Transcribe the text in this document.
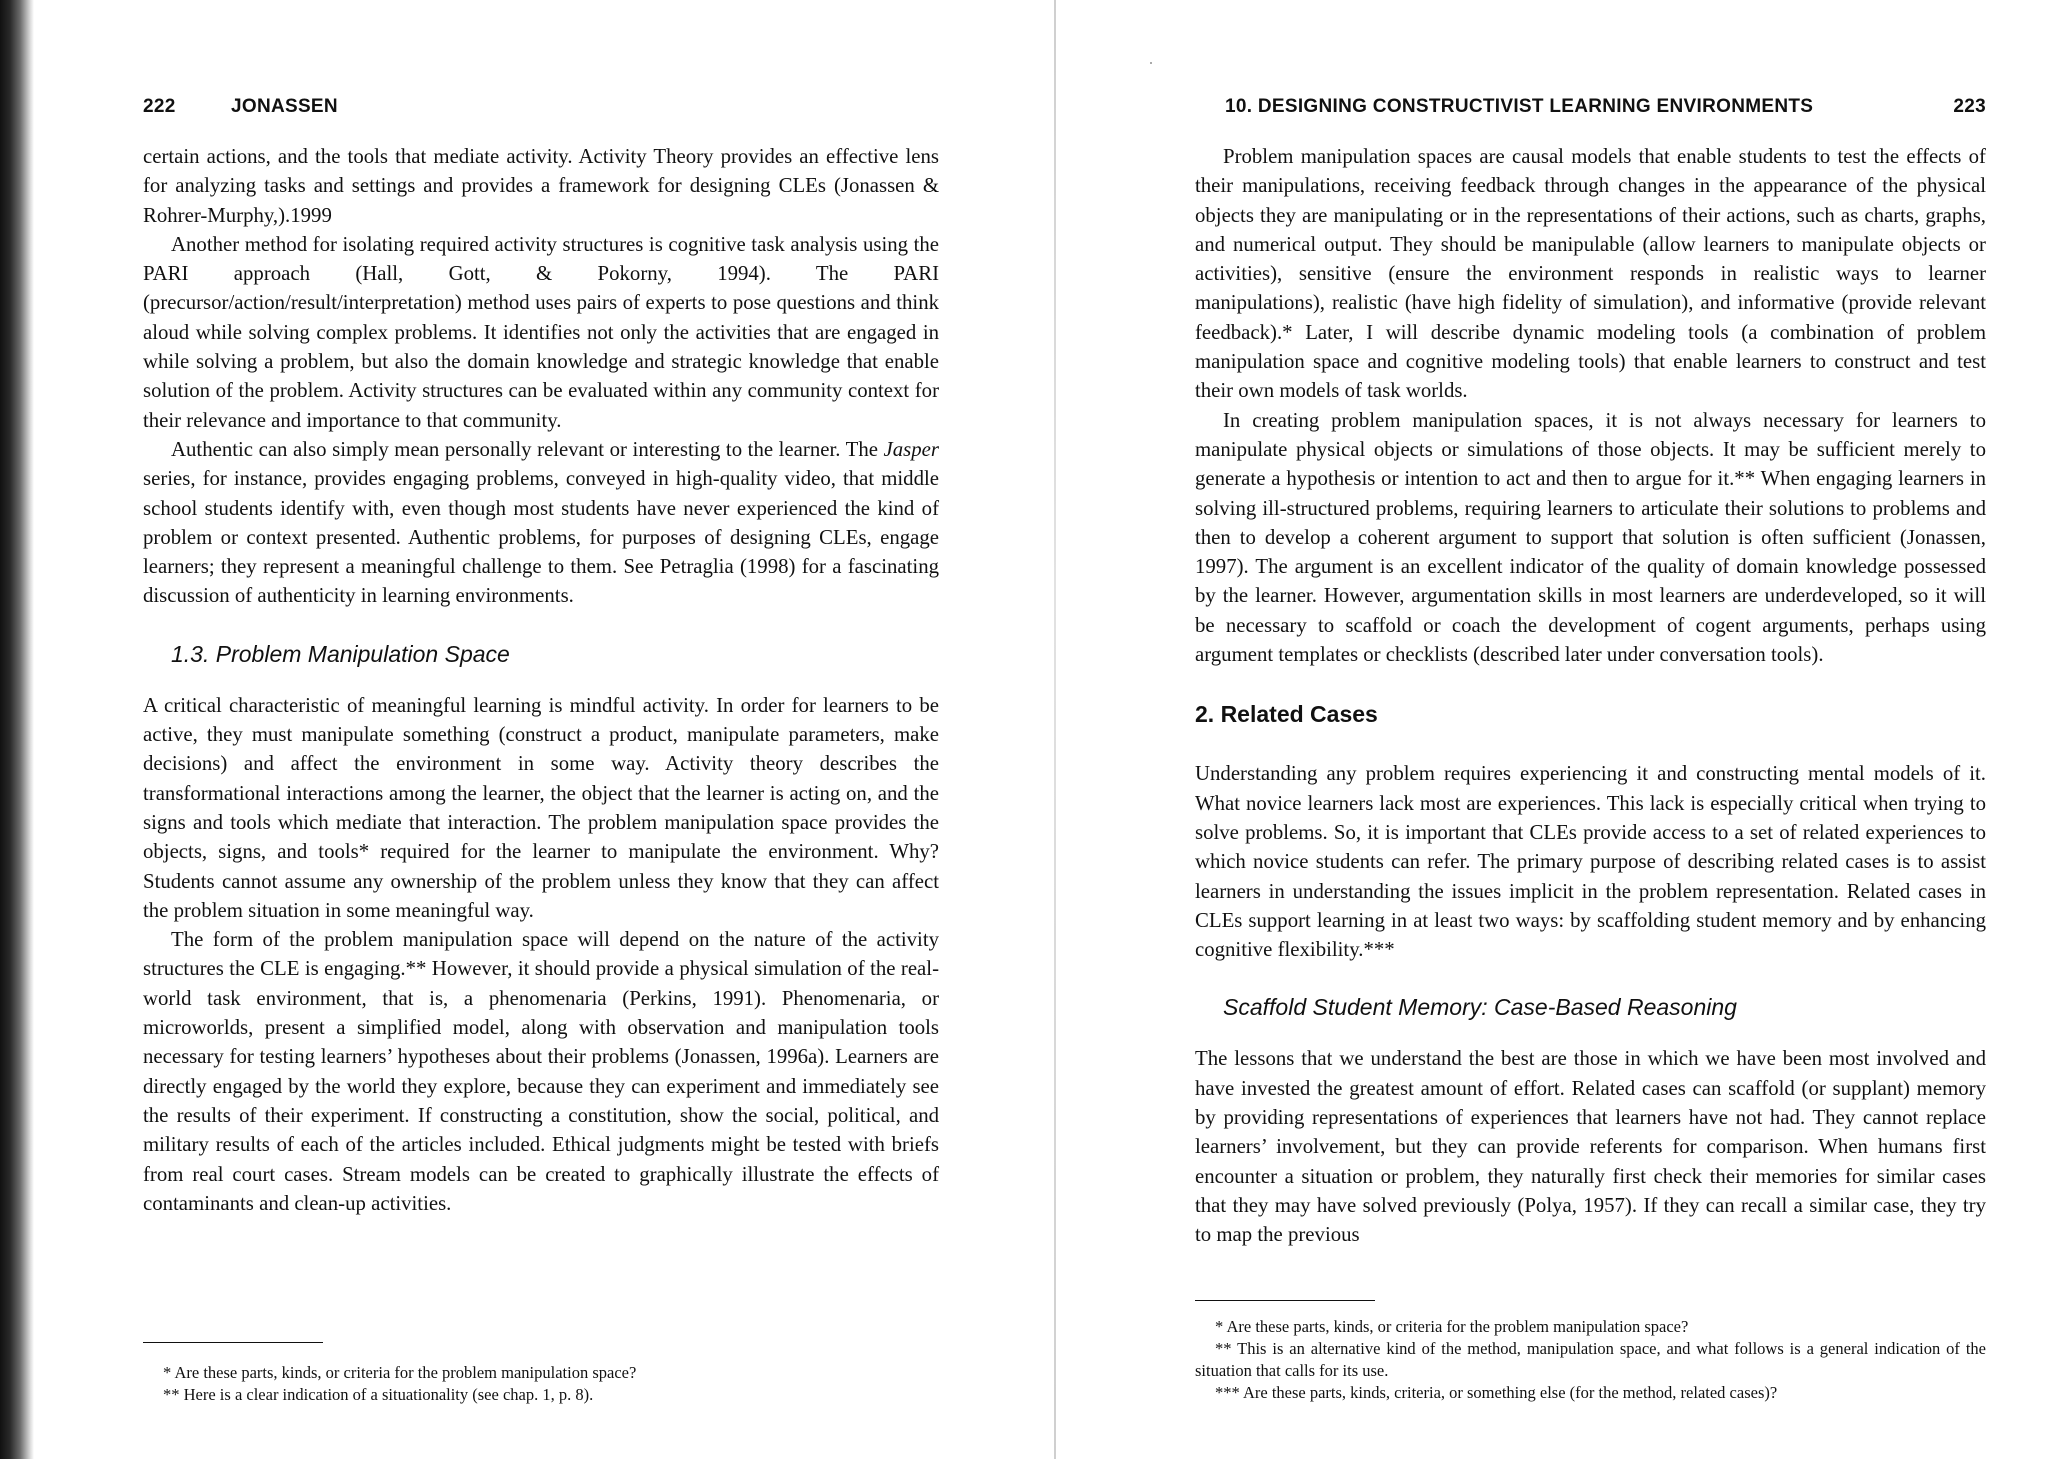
222	JONASSEN

certain actions, and the tools that mediate activity. Activity Theory provides an effective lens for analyzing tasks and settings and provides a framework for designing CLEs (Jonassen & Rohrer-Murphy,).1999

Another method for isolating required activity structures is cognitive task analysis using the PARI approach (Hall, Gott, & Pokorny, 1994). The PARI (precursor/action/result/interpretation) method uses pairs of experts to pose questions and think aloud while solving complex problems. It identifies not only the activities that are engaged in while solving a problem, but also the domain knowledge and strategic knowledge that enable solution of the problem. Activity structures can be evaluated within any community context for their relevance and importance to that community.

Authentic can also simply mean personally relevant or interesting to the learner. The Jasper series, for instance, provides engaging problems, conveyed in high-quality video, that middle school students identify with, even though most students have never experienced the kind of problem or context presented. Authentic problems, for purposes of designing CLEs, engage learners; they represent a meaningful challenge to them. See Petraglia (1998) for a fascinating discussion of authenticity in learning environments.

1.3. Problem Manipulation Space

A critical characteristic of meaningful learning is mindful activity. In order for learners to be active, they must manipulate something (construct a product, manipulate parameters, make decisions) and affect the environment in some way. Activity theory describes the transformational interactions among the learner, the object that the learner is acting on, and the signs and tools which mediate that interaction. The problem manipulation space provides the objects, signs, and tools* required for the learner to manipulate the environment. Why? Students cannot assume any ownership of the problem unless they know that they can affect the problem situation in some meaningful way.

The form of the problem manipulation space will depend on the nature of the activity structures the CLE is engaging.** However, it should provide a physical simulation of the real-world task environment, that is, a phenomenaria (Perkins, 1991). Phenomenaria, or microworlds, present a simplified model, along with observation and manipulation tools necessary for testing learners’ hypotheses about their problems (Jonassen, 1996a). Learners are directly engaged by the world they explore, because they can experiment and immediately see the results of their experiment. If constructing a constitution, show the social, political, and military results of each of the articles included. Ethical judgments might be tested with briefs from real court cases. Stream models can be created to graphically illustrate the effects of contaminants and clean-up activities.

* Are these parts, kinds, or criteria for the problem manipulation space?

** Here is a clear indication of a situationality (see chap. 1, p. 8).

10. DESIGNING CONSTRUCTIVIST LEARNING ENVIRONMENTS	223

Problem manipulation spaces are causal models that enable students to test the effects of their manipulations, receiving feedback through changes in the appearance of the physical objects they are manipulating or in the representations of their actions, such as charts, graphs, and numerical output. They should be manipulable (allow learners to manipulate objects or activities), sensitive (ensure the environment responds in realistic ways to learner manipulations), realistic (have high fidelity of simulation), and informative (provide relevant feedback).* Later, I will describe dynamic modeling tools (a combination of problem manipulation space and cognitive modeling tools) that enable learners to construct and test their own models of task worlds.

In creating problem manipulation spaces, it is not always necessary for learners to manipulate physical objects or simulations of those objects. It may be sufficient merely to generate a hypothesis or intention to act and then to argue for it.** When engaging learners in solving ill-structured problems, requiring learners to articulate their solutions to problems and then to develop a coherent argument to support that solution is often sufficient (Jonassen, 1997). The argument is an excellent indicator of the quality of domain knowledge possessed by the learner. However, argumentation skills in most learners are underdeveloped, so it will be necessary to scaffold or coach the development of cogent arguments, perhaps using argument templates or checklists (described later under conversation tools).

2. Related Cases

Understanding any problem requires experiencing it and constructing mental models of it. What novice learners lack most are experiences. This lack is especially critical when trying to solve problems. So, it is important that CLEs provide access to a set of related experiences to which novice students can refer. The primary purpose of describing related cases is to assist learners in understanding the issues implicit in the problem representation. Related cases in CLEs support learning in at least two ways: by scaffolding student memory and by enhancing cognitive flexibility.***

Scaffold Student Memory: Case-Based Reasoning

The lessons that we understand the best are those in which we have been most involved and have invested the greatest amount of effort. Related cases can scaffold (or supplant) memory by providing representations of experiences that learners have not had. They cannot replace learners’ involvement, but they can provide referents for comparison. When humans first encounter a situation or problem, they naturally first check their memories for similar cases that they may have solved previously (Polya, 1957). If they can recall a similar case, they try to map the previous

* Are these parts, kinds, or criteria for the problem manipulation space?

** This is an alternative kind of the method, manipulation space, and what follows is a general indication of the situation that calls for its use.

*** Are these parts, kinds, criteria, or something else (for the method, related cases)?
